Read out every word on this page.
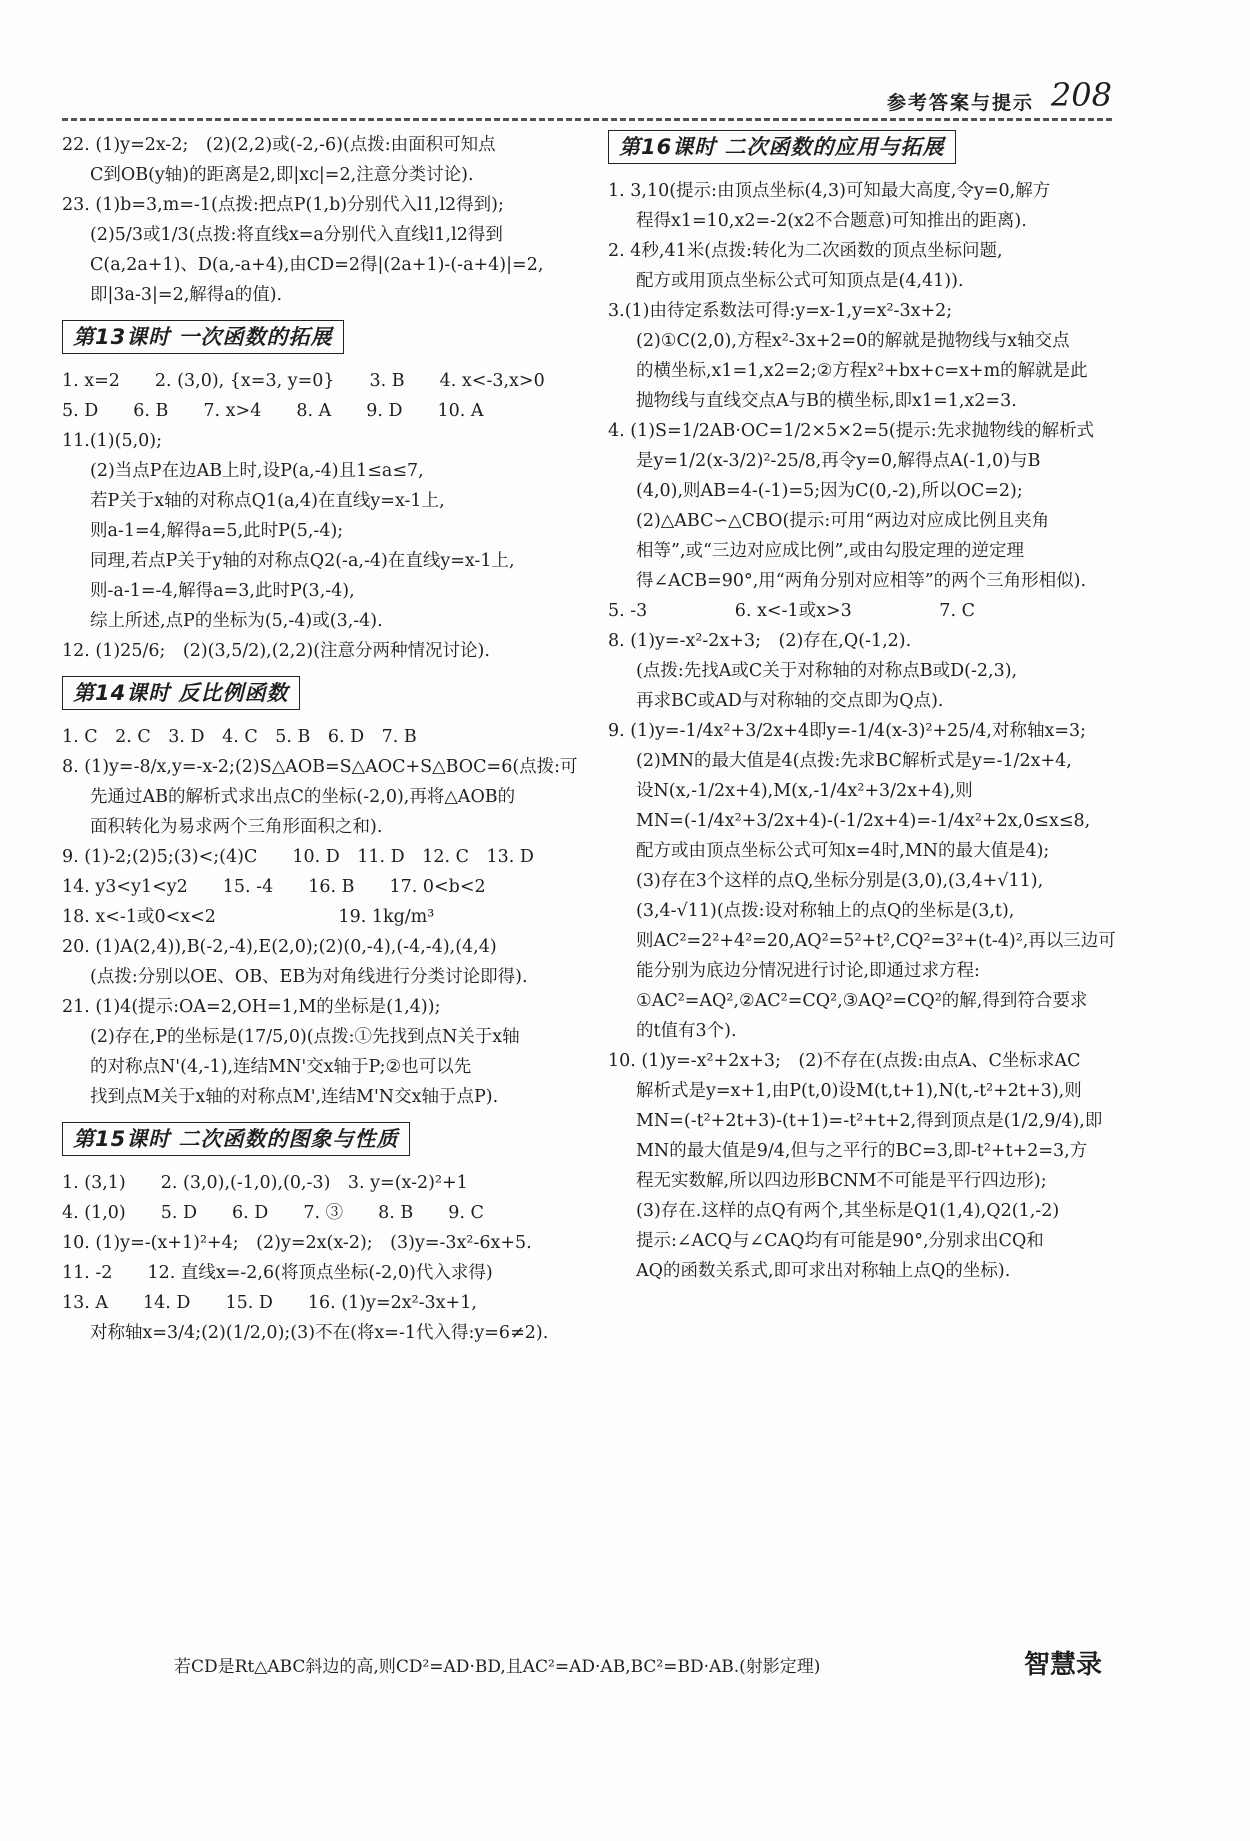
参考答案与提示 208
22. (1)y=2x-2;　(2)(2,2)或(-2,-6)(点拨:由面积可知点
C到OB(y轴)的距离是2,即|xc|=2,注意分类讨论).
23. (1)b=3,m=-1(点拨:把点P(1,b)分别代入l1,l2得到);
(2)5/3或1/3(点拨:将直线x=a分别代入直线l1,l2得到
C(a,2a+1)、D(a,-a+4),由CD=2得|(2a+1)-(-a+4)|=2,
即|3a-3|=2,解得a的值).
第13课时 一次函数的拓展
1. x=2　　2. (3,0), {x=3, y=0}　　3. B　　4. x<-3,x>0
5. D　　6. B　　7. x>4　　8. A　　9. D　　10. A
11.(1)(5,0);
(2)当点P在边AB上时,设P(a,-4)且1≤a≤7,
若P关于x轴的对称点Q1(a,4)在直线y=x-1上,
则a-1=4,解得a=5,此时P(5,-4);
同理,若点P关于y轴的对称点Q2(-a,-4)在直线y=x-1上,
则-a-1=-4,解得a=3,此时P(3,-4),
综上所述,点P的坐标为(5,-4)或(3,-4).
12. (1)25/6;　(2)(3,5/2),(2,2)(注意分两种情况讨论).
第14课时 反比例函数
1. C　2. C　3. D　4. C　5. B　6. D　7. B
8. (1)y=-8/x,y=-x-2;(2)S△AOB=S△AOC+S△BOC=6(点拨:可
先通过AB的解析式求出点C的坐标(-2,0),再将△AOB的
面积转化为易求两个三角形面积之和).
9. (1)-2;(2)5;(3)<;(4)C　　10. D　11. D　12. C　13. D
14. y3<y1<y2　　15. -4　　16. B　　17. 0<b<2
18. x<-1或0<x<2　　　　　　　19. 1kg/m³
20. (1)A(2,4)),B(-2,-4),E(2,0);(2)(0,-4),(-4,-4),(4,4)
(点拨:分别以OE、OB、EB为对角线进行分类讨论即得).
21. (1)4(提示:OA=2,OH=1,M的坐标是(1,4));
(2)存在,P的坐标是(17/5,0)(点拨:①先找到点N关于x轴
的对称点N'(4,-1),连结MN'交x轴于P;②也可以先
找到点M关于x轴的对称点M',连结M'N交x轴于点P).
第15课时 二次函数的图象与性质
1. (3,1)　　2. (3,0),(-1,0),(0,-3)　3. y=(x-2)²+1
4. (1,0)　　5. D　　6. D　　7. ③　　8. B　　9. C
10. (1)y=-(x+1)²+4;　(2)y=2x(x-2);　(3)y=-3x²-6x+5.
11. -2　　12. 直线x=-2,6(将顶点坐标(-2,0)代入求得)
13. A　　14. D　　15. D　　16. (1)y=2x²-3x+1,
对称轴x=3/4;(2)(1/2,0);(3)不在(将x=-1代入得:y=6≠2).
第16课时 二次函数的应用与拓展
1. 3,10(提示:由顶点坐标(4,3)可知最大高度,令y=0,解方
程得x1=10,x2=-2(x2不合题意)可知推出的距离).
2. 4秒,41米(点拨:转化为二次函数的顶点坐标问题,
配方或用顶点坐标公式可知顶点是(4,41)).
3.(1)由待定系数法可得:y=x-1,y=x²-3x+2;
(2)①C(2,0),方程x²-3x+2=0的解就是抛物线与x轴交点
的横坐标,x1=1,x2=2;②方程x²+bx+c=x+m的解就是此
抛物线与直线交点A与B的横坐标,即x1=1,x2=3.
4. (1)S=1/2AB·OC=1/2×5×2=5(提示:先求抛物线的解析式
是y=1/2(x-3/2)²-25/8,再令y=0,解得点A(-1,0)与B
(4,0),则AB=4-(-1)=5;因为C(0,-2),所以OC=2);
(2)△ABC∽△CBO(提示:可用“两边对应成比例且夹角
相等”,或“三边对应成比例”,或由勾股定理的逆定理
得∠ACB=90°,用“两角分别对应相等”的两个三角形相似).
5. -3　　　　　6. x<-1或x>3　　　　　7. C
8. (1)y=-x²-2x+3;　(2)存在,Q(-1,2).
(点拨:先找A或C关于对称轴的对称点B或D(-2,3),
再求BC或AD与对称轴的交点即为Q点).
9. (1)y=-1/4x²+3/2x+4即y=-1/4(x-3)²+25/4,对称轴x=3;
(2)MN的最大值是4(点拨:先求BC解析式是y=-1/2x+4,
设N(x,-1/2x+4),M(x,-1/4x²+3/2x+4),则
MN=(-1/4x²+3/2x+4)-(-1/2x+4)=-1/4x²+2x,0≤x≤8,
配方或由顶点坐标公式可知x=4时,MN的最大值是4);
(3)存在3个这样的点Q,坐标分别是(3,0),(3,4+√11),
(3,4-√11)(点拨:设对称轴上的点Q的坐标是(3,t),
则AC²=2²+4²=20,AQ²=5²+t²,CQ²=3²+(t-4)²,再以三边可
能分别为底边分情况进行讨论,即通过求方程:
①AC²=AQ²,②AC²=CQ²,③AQ²=CQ²的解,得到符合要求
的t值有3个).
10. (1)y=-x²+2x+3;　(2)不存在(点拨:由点A、C坐标求AC
解析式是y=x+1,由P(t,0)设M(t,t+1),N(t,-t²+2t+3),则
MN=(-t²+2t+3)-(t+1)=-t²+t+2,得到顶点是(1/2,9/4),即
MN的最大值是9/4,但与之平行的BC=3,即-t²+t+2=3,方
程无实数解,所以四边形BCNM不可能是平行四边形);
(3)存在.这样的点Q有两个,其坐标是Q1(1,4),Q2(1,-2)
提示:∠ACQ与∠CAQ均有可能是90°,分别求出CQ和
AQ的函数关系式,即可求出对称轴上点Q的坐标).
若CD是Rt△ABC斜边的高,则CD²=AD·BD,且AC²=AD·AB,BC²=BD·AB.(射影定理)	智慧录
